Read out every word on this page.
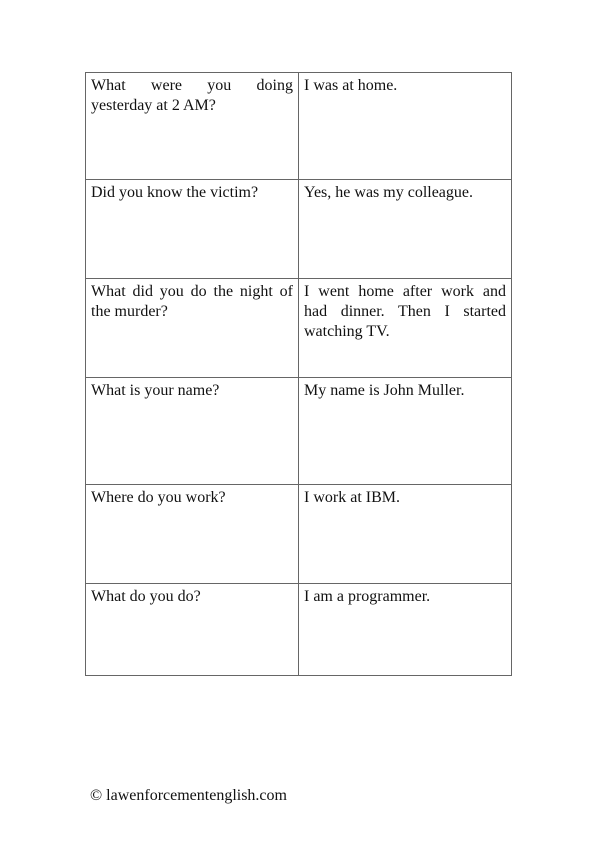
What were you doing yesterday at 2 AM?	I was at home.
Did you know the victim?	Yes, he was my colleague.
What did you do the night of the murder?	I went home after work and had dinner. Then I started watching TV.
What is your name?	My name is John Muller.
Where do you work?	I work at IBM.
What do you do?	I am a programmer.
© lawenforcementenglish.com
